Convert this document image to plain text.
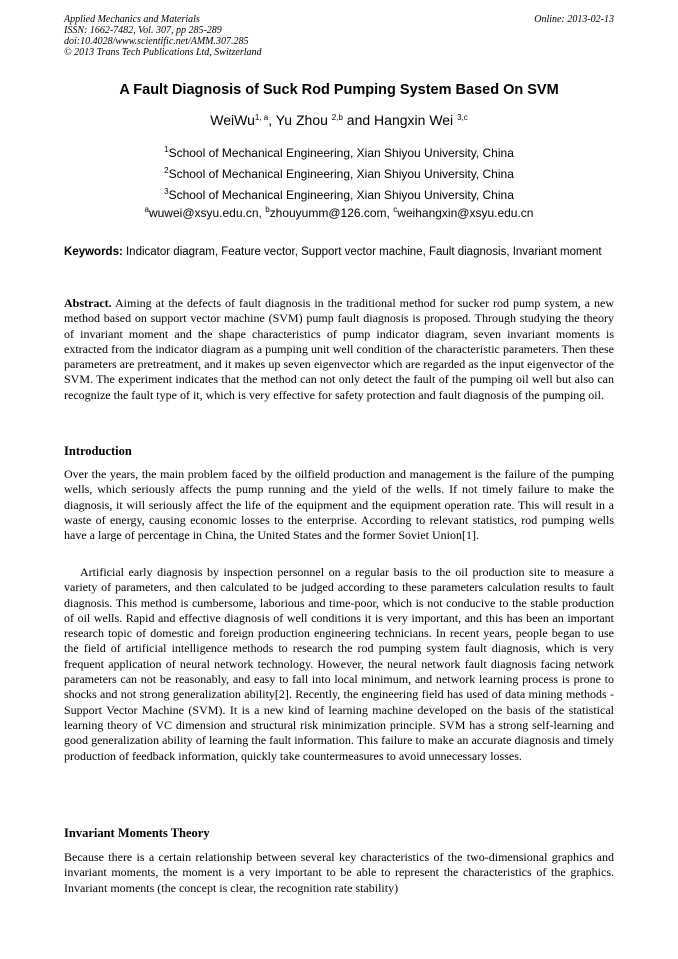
Applied Mechanics and Materials
ISSN: 1662-7482, Vol. 307, pp 285-289
doi:10.4028/www.scientific.net/AMM.307.285
© 2013 Trans Tech Publications Ltd, Switzerland
Online: 2013-02-13
A Fault Diagnosis of Suck Rod Pumping System Based On SVM
WeiWu$^{1, a}$, Yu Zhou $^{2,b}$ and Hangxin Wei $^{3,c}$
$^1$School of Mechanical Engineering, Xian Shiyou University, China
$^2$School of Mechanical Engineering, Xian Shiyou University, China
$^3$School of Mechanical Engineering, Xian Shiyou University, China
$^a$wuwei@xsyu.edu.cn, $^b$zhouyumm@126.com, $^c$weihangxin@xsyu.edu.cn
Keywords: Indicator diagram, Feature vector, Support vector machine, Fault diagnosis, Invariant moment

Abstract. Aiming at the defects of fault diagnosis in the traditional method for sucker rod pump system, a new method based on support vector machine (SVM) pump fault diagnosis is proposed. Through studying the theory of invariant moment and the shape characteristics of pump indicator diagram, seven invariant moments is extracted from the indicator diagram as a pumping unit well condition of the characteristic parameters. Then these parameters are pretreatment, and it makes up seven eigenvector which are regarded as the input eigenvector of the SVM. The experiment indicates that the method can not only detect the fault of the pumping oil well but also can recognize the fault type of it, which is very effective for safety protection and fault diagnosis of the pumping oil.

Introduction

Over the years, the main problem faced by the oilfield production and management is the failure of the pumping wells, which seriously affects the pump running and the yield of the wells. If not timely failure to make the diagnosis, it will seriously affect the life of the equipment and the equipment operation rate. This will result in a waste of energy, causing economic losses to the enterprise. According to relevant statistics, rod pumping wells have a large of percentage in China, the United States and the former Soviet Union[1].

Artificial early diagnosis by inspection personnel on a regular basis to the oil production site to measure a variety of parameters, and then calculated to be judged according to these parameters calculation results to fault diagnosis. This method is cumbersome, laborious and time-poor, which is not conducive to the stable production of oil wells. Rapid and effective diagnosis of well conditions it is very important, and this has been an important research topic of domestic and foreign production engineering technicians. In recent years, people began to use the field of artificial intelligence methods to research the rod pumping system fault diagnosis, which is very frequent application of neural network technology. However, the neural network fault diagnosis facing network parameters can not be reasonably, and easy to fall into local minimum, and network learning process is prone to shocks and not strong generalization ability[2]. Recently, the engineering field has used of data mining methods - Support Vector Machine (SVM). It is a new kind of learning machine developed on the basis of the statistical learning theory of VC dimension and structural risk minimization principle. SVM has a strong self-learning and good generalization ability of learning the fault information. This failure to make an accurate diagnosis and timely production of feedback information, quickly take countermeasures to avoid unnecessary losses.

Invariant Moments Theory

Because there is a certain relationship between several key characteristics of the two-dimensional graphics and invariant moments, the moment is a very important to be able to represent the characteristics of the graphics. Invariant moments (the concept is clear, the recognition rate stability)
